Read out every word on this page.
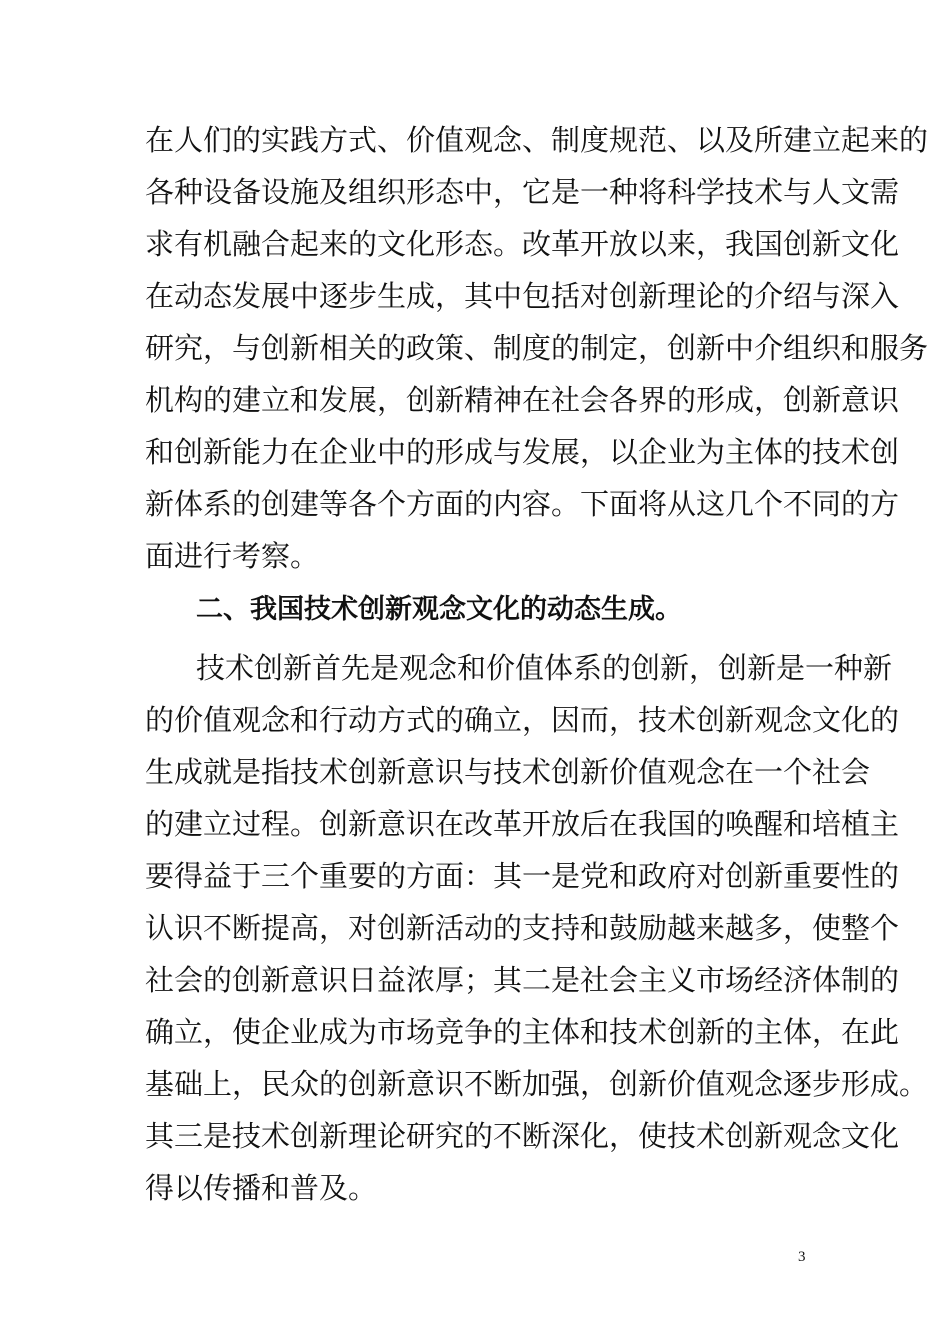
在人们的实践方式、价值观念、制度规范、以及所建立起来的
各种设备设施及组织形态中，它是一种将科学技术与人文需
求有机融合起来的文化形态。改革开放以来，我国创新文化
在动态发展中逐步生成，其中包括对创新理论的介绍与深入
研究，与创新相关的政策、制度的制定，创新中介组织和服务
机构的建立和发展，创新精神在社会各界的形成，创新意识
和创新能力在企业中的形成与发展，以企业为主体的技术创
新体系的创建等各个方面的内容。下面将从这几个不同的方
面进行考察。
二、我国技术创新观念文化的动态生成。
技术创新首先是观念和价值体系的创新，创新是一种新
的价值观念和行动方式的确立，因而，技术创新观念文化的
生成就是指技术创新意识与技术创新价值观念在一个社会
的建立过程。创新意识在改革开放后在我国的唤醒和培植主
要得益于三个重要的方面：其一是党和政府对创新重要性的
认识不断提高，对创新活动的支持和鼓励越来越多，使整个
社会的创新意识日益浓厚；其二是社会主义市场经济体制的
确立，使企业成为市场竞争的主体和技术创新的主体，在此
基础上，民众的创新意识不断加强，创新价值观念逐步形成。
其三是技术创新理论研究的不断深化，使技术创新观念文化
得以传播和普及。
3
